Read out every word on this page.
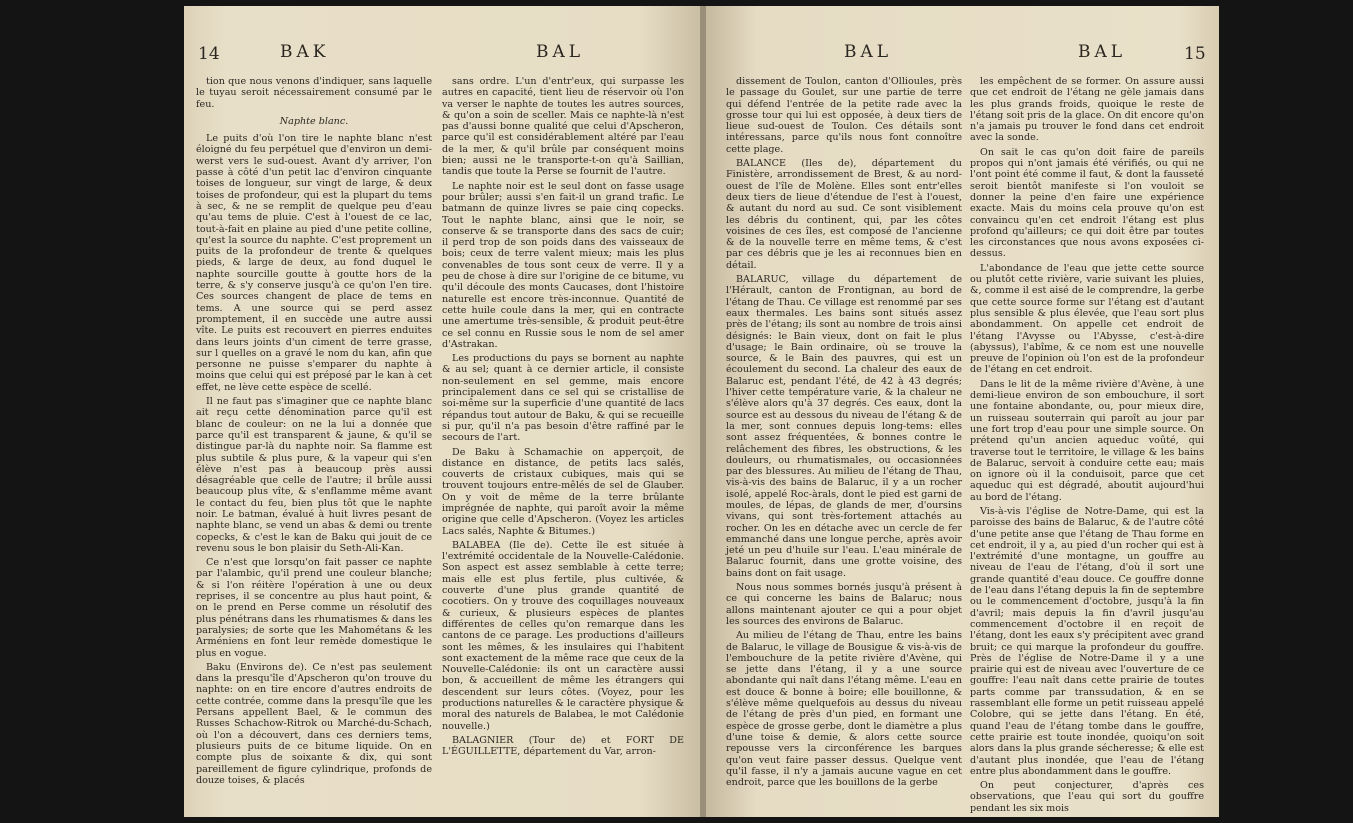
14	BAK	BAL

tion que nous venons d'indiquer, sans laquelle le tuyau seroit nécessairement consumé par le feu.

Naphte blanc.

Le puits d'où l'on tire le naphte blanc n'est éloigné du feu perpétuel que d'environ un demi-werst vers le sud-ouest. Avant d'y arriver, l'on passe à côté d'un petit lac d'environ cinquante toises de longueur, sur vingt de large, & deux toises de profondeur, qui est la plupart du tems à sec, & ne se remplit de quelque peu d'eau qu'au tems de pluie. C'est à l'ouest de ce lac, tout-à-fait en plaine au pied d'une petite colline, qu'est la source du naphte. C'est proprement un puits de la profondeur de trente & quelques pieds, & large de deux, au fond duquel le naphte sourcille goutte à goutte hors de la terre, & s'y conserve jusqu'à ce qu'on l'en tire. Ces sources changent de place de tems en tems. A une source qui se perd assez promptement, il en succède une autre aussi vîte. Le puits est recouvert en pierres enduites dans leurs joints d'un ciment de terre grasse, sur l quelles on a gravé le nom du kan, afin que personne ne puisse s'emparer du naphte à moins que celui qui est préposé par le kan à cet effet, ne lève cette espèce de scellé.

Il ne faut pas s'imaginer que ce naphte blanc ait reçu cette dénomination parce qu'il est blanc de couleur: on ne la lui a donnée que parce qu'il est transparent & jaune, & qu'il se distingue par-là du naphte noir. Sa flamme est plus subtile & plus pure, & la vapeur qui s'en élève n'est pas à beaucoup près aussi désagréable que celle de l'autre; il brûle aussi beaucoup plus vîte, & s'enflamme même avant le contact du feu, bien plus tôt que le naphte noir. Le batman, évalué à huit livres pesant de naphte blanc, se vend un abas & demi ou trente copecks, & c'est le kan de Baku qui jouit de ce revenu sous le bon plaisir du Seth-Ali-Kan.

Ce n'est que lorsqu'on fait passer ce naphte par l'alambic, qu'il prend une couleur blanche; & si l'on réitère l'opération à une ou deux reprises, il se concentre au plus haut point, & on le prend en Perse comme un résolutif des plus pénétrans dans les rhumatismes & dans les paralysies; de sorte que les Mahométans & les Arméniens en font leur remède domestique le plus en vogue.

Baku (Environs de). Ce n'est pas seulement dans la presqu'île d'Apscheron qu'on trouve du naphte: on en tire encore d'autres endroits de cette contrée, comme dans la presqu'île que les Persans appellent Bael, & le commun des Russes Schachow-Ritrok ou Marché-du-Schach, où l'on a découvert, dans ces derniers tems, plusieurs puits de ce bitume liquide. On en compte plus de soixante & dix, qui sont pareillement de figure cylindrique, profonds de douze toises, & placés

sans ordre. L'un d'entr'eux, qui surpasse les autres en capacité, tient lieu de réservoir où l'on va verser le naphte de toutes les autres sources, & qu'on a soin de sceller. Mais ce naphte-là n'est pas d'aussi bonne qualité que celui d'Apscheron, parce qu'il est considérablement altéré par l'eau de la mer, & qu'il brûle par conséquent moins bien; aussi ne le transporte-t-on qu'à Saillian, tandis que toute la Perse se fournit de l'autre.

Le naphte noir est le seul dont on fasse usage pour brûler; aussi s'en fait-il un grand trafic. Le batmann de quinze livres se paie cinq copecks. Tout le naphte blanc, ainsi que le noir, se conserve & se transporte dans des sacs de cuir; il perd trop de son poids dans des vaisseaux de bois; ceux de terre valent mieux; mais les plus convenables de tous sont ceux de verre. Il y a peu de chose à dire sur l'origine de ce bitume, vu qu'il découle des monts Caucases, dont l'histoire naturelle est encore très-inconnue. Quantité de cette huile coule dans la mer, qui en contracte une amertume très-sensible, & produit peut-être ce sel connu en Russie sous le nom de sel amer d'Astrakan.

Les productions du pays se bornent au naphte & au sel; quant à ce dernier article, il consiste non-seulement en sel gemme, mais encore principalement dans ce sel qui se cristallise de soi-même sur la superficie d'une quantité de lacs répandus tout autour de Baku, & qui se recueille si pur, qu'il n'a pas besoin d'être raffiné par le secours de l'art.

De Baku à Schamachie on apperçoit, de distance en distance, de petits lacs salés, couverts de cristaux cubiques, mais qui se trouvent toujours entre-mêlés de sel de Glauber. On y voit de même de la terre brûlante imprégnée de naphte, qui paroît avoir la même origine que celle d'Apscheron. (Voyez les articles Lacs salés, Naphte & Bitumes.)

BALABEA (Ile de). Cette île est située à l'extrémité occidentale de la Nouvelle-Calédonie. Son aspect est assez semblable à cette terre; mais elle est plus fertile, plus cultivée, & couverte d'une plus grande quantité de cocotiers. On y trouve des coquillages nouveaux & curieux, & plusieurs espèces de plantes différentes de celles qu'on remarque dans les cantons de ce parage. Les productions d'ailleurs sont les mêmes, & les insulaires qui l'habitent sont exactement de la même race que ceux de la Nouvelle-Calédonie: ils ont un caractère aussi bon, & accueillent de même les étrangers qui descendent sur leurs côtes. (Voyez, pour les productions naturelles & le caractère physique & moral des naturels de Balabea, le mot Calédonie nouvelle.)

BALAGNIER (Tour de) et FORT DE L'ÉGUILLETTE, département du Var, arron-

BAL	BAL	15

dissement de Toulon, canton d'Ollioules, près le passage du Goulet, sur une partie de terre qui défend l'entrée de la petite rade avec la grosse tour qui lui est opposée, à deux tiers de lieue sud-ouest de Toulon. Ces détails sont intéressans, parce qu'ils nous font connoître cette plage.

BALANCE (Iles de), département du Finistère, arrondissement de Brest, & au nord-ouest de l'île de Molène. Elles sont entr'elles deux tiers de lieue d'étendue de l'est à l'ouest, & autant du nord au sud. Ce sont visiblement les débris du continent, qui, par les côtes voisines de ces îles, est composé de l'ancienne & de la nouvelle terre en même tems, & c'est par ces débris que je les ai reconnues bien en détail.

BALARUC, village du département de l'Hérault, canton de Frontignan, au bord de l'étang de Thau. Ce village est renommé par ses eaux thermales. Les bains sont situés assez près de l'étang; ils sont au nombre de trois ainsi désignés: le Bain vieux, dont on fait le plus d'usage; le Bain ordinaire, où se trouve la source, & le Bain des pauvres, qui est un écoulement du second. La chaleur des eaux de Balaruc est, pendant l'été, de 42 à 43 degrés; l'hiver cette température varie, & la chaleur ne s'élève alors qu'à 37 degrés. Ces eaux, dont la source est au dessous du niveau de l'étang & de la mer, sont connues depuis long-tems: elles sont assez fréquentées, & bonnes contre le relâchement des fibres, les obstructions, & les douleurs, ou rhumatismales, ou occasionnées par des blessures. Au milieu de l'étang de Thau, vis-à-vis des bains de Balaruc, il y a un rocher isolé, appelé Roc-àrals, dont le pied est garni de moules, de lépas, de glands de mer, d'oursins vivans, qui sont très-fortement attachés au rocher. On les en détache avec un cercle de fer emmanché dans une longue perche, après avoir jeté un peu d'huile sur l'eau. L'eau minérale de Balaruc fournit, dans une grotte voisine, des bains dont on fait usage.

Nous nous sommes bornés jusqu'à présent à ce qui concerne les bains de Balaruc; nous allons maintenant ajouter ce qui a pour objet les sources des environs de Balaruc.

Au milieu de l'étang de Thau, entre les bains de Balaruc, le village de Bousigue & vis-à-vis de l'embouchure de la petite rivière d'Avène, qui se jette dans l'étang, il y a une source abondante qui naît dans l'étang même. L'eau en est douce & bonne à boire; elle bouillonne, & s'élève même quelquefois au dessus du niveau de l'étang de près d'un pied, en formant une espèce de grosse gerbe, dont le diamètre a plus d'une toise & demie, & alors cette source repousse vers la circonférence les barques qu'on veut faire passer dessus. Quelque vent qu'il fasse, il n'y a jamais aucune vague en cet endroit, parce que les bouillons de la gerbe

les empêchent de se former. On assure aussi que cet endroit de l'étang ne gèle jamais dans les plus grands froids, quoique le reste de l'étang soit pris de la glace. On dit encore qu'on n'a jamais pu trouver le fond dans cet endroit avec la sonde.

On sait le cas qu'on doit faire de pareils propos qui n'ont jamais été vérifiés, ou qui ne l'ont point été comme il faut, & dont la fausseté seroit bientôt manifeste si l'on vouloit se donner la peine d'en faire une expérience exacte. Mais du moins cela prouve qu'on est convaincu qu'en cet endroit l'étang est plus profond qu'ailleurs; ce qui doit être par toutes les circonstances que nous avons exposées ci-dessus.

L'abondance de l'eau que jette cette source ou plutôt cette rivière, varie suivant les pluies, &, comme il est aisé de le comprendre, la gerbe que cette source forme sur l'étang est d'autant plus sensible & plus élevée, que l'eau sort plus abondamment. On appelle cet endroit de l'étang l'Avysse ou l'Abysse, c'est-à-dire (abyssus), l'abîme, & ce nom est une nouvelle preuve de l'opinion où l'on est de la profondeur de l'étang en cet endroit.

Dans le lit de la même rivière d'Avène, à une demi-lieue environ de son embouchure, il sort une fontaine abondante, ou, pour mieux dire, un ruisseau souterrain qui paroît au jour par une fort trop d'eau pour une simple source. On prétend qu'un ancien aqueduc voûté, qui traverse tout le territoire, le village & les bains de Balaruc, servoit à conduire cette eau; mais on ignore où il la conduisoit, parce que cet aqueduc qui est dégradé, aboutit aujourd'hui au bord de l'étang.

Vis-à-vis l'église de Notre-Dame, qui est la paroisse des bains de Balaruc, & de l'autre côté d'une petite anse que l'étang de Thau forme en cet endroit, il y a, au pied d'un rocher qui est à l'extrémité d'une montagne, un gouffre au niveau de l'eau de l'étang, d'où il sort une grande quantité d'eau douce. Ce gouffre donne de l'eau dans l'étang depuis la fin de septembre ou le commencement d'octobre, jusqu'à la fin d'avril; mais depuis la fin d'avril jusqu'au commencement d'octobre il en reçoit de l'étang, dont les eaux s'y précipitent avec grand bruit; ce qui marque la profondeur du gouffre. Près de l'église de Notre-Dame il y a une prairie qui est de niveau avec l'ouverture de ce gouffre: l'eau naît dans cette prairie de toutes parts comme par transsudation, & en se rassemblant elle forme un petit ruisseau appelé Colobre, qui se jette dans l'étang. En été, quand l'eau de l'étang tombe dans le gouffre, cette prairie est toute inondée, quoiqu'on soit alors dans la plus grande sécheresse; & elle est d'autant plus inondée, que l'eau de l'étang entre plus abondamment dans le gouffre.

On peut conjecturer, d'après ces observations, que l'eau qui sort du gouffre pendant les six mois
